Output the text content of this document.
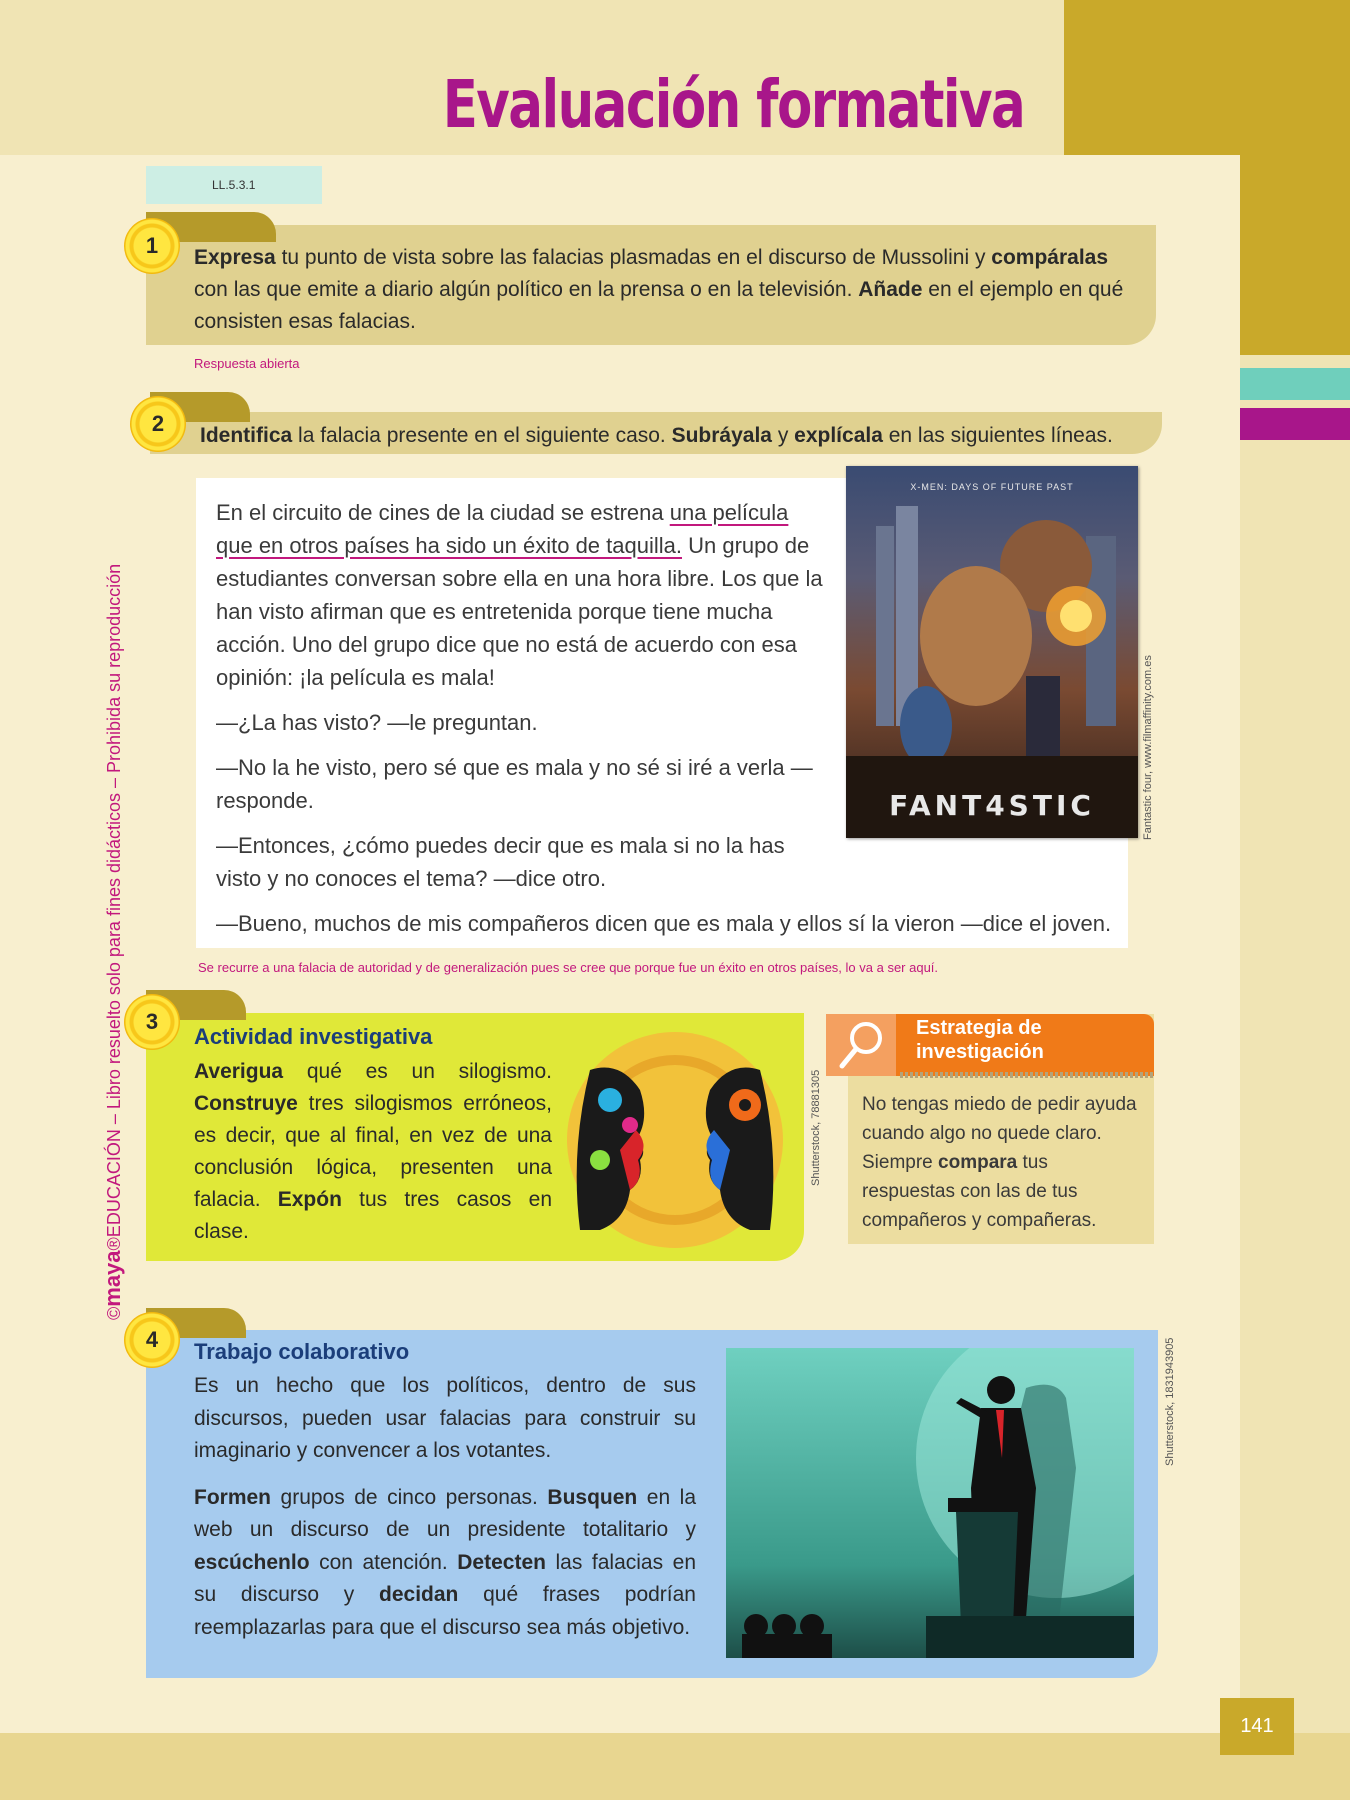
141
Evaluación formativa
LL.5.3.1
©maya®EDUCACIÓN – Libro resuelto solo para fines didácticos – Prohibida su reproducción
1	Expresa tu punto de vista sobre las falacias plasmadas en el discurso de Mussolini y compáralas con las que emite a diario algún político en la prensa o en la televisión. Añade en el ejemplo en qué consisten esas falacias.
Respuesta abierta
2	Identifica la falacia presente en el siguiente caso. Subráyala y explícala en las siguientes líneas.

En el circuito de cines de la ciudad se estrena una película que en otros países ha sido un éxito de taquilla. Un grupo de estudiantes conversan sobre ella en una hora libre. Los que la han visto afirman que es entretenida porque tiene mucha acción. Uno del grupo dice que no está de acuerdo con esa opinión: ¡la película es mala!

—¿La has visto? —le preguntan.

—No la he visto, pero sé que es mala y no sé si iré a verla —responde.

—Entonces, ¿cómo puedes decir que es mala si no la has visto y no conoces el tema? —dice otro.

—Bueno, muchos de mis compañeros dicen que es mala y ellos sí la vieron —dice el joven.

X-MEN: DAYS OF FUTURE PAST
FANT4STIC	Fantastic four, www.filmaffinity.com.es
Se recurre a una falacia de autoridad y de generalización pues se cree que porque fue un éxito en otros países, lo va a ser aquí.
3
Actividad investigativa
Averigua qué es un silogismo. Construye tres silogismos erróneos, es decir, que al final, en vez de una conclusión lógica, presenten una falacia. Expón tus tres casos en clase.
Shutterstock, 78881305
Estrategia de investigación
No tengas miedo de pedir ayuda cuando algo no quede claro. Siempre compara tus respuestas con las de tus compañeros y compañeras.
4	Trabajo colaborativo

Es un hecho que los políticos, dentro de sus discursos, pueden usar falacias para construir su imaginario y convencer a los votantes.

Formen grupos de cinco personas. Busquen en la web un discurso de un presidente totalitario y escúchenlo con atención. Detecten las falacias en su discurso y decidan qué frases podrían reemplazarlas para que el discurso sea más objetivo.

Shutterstock, 1831943905
